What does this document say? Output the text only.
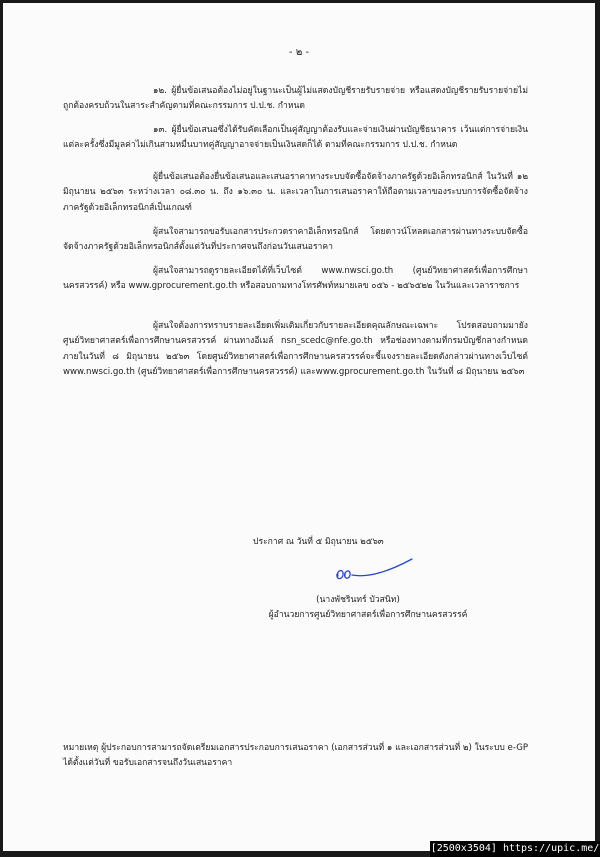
- ๒ -

๑๒. ผู้ยื่นข้อเสนอต้องไม่อยู่ในฐานะเป็นผู้ไม่แสดงบัญชีรายรับรายจ่าย หรือแสดงบัญชีรายรับรายจ่ายไม่ถูกต้องครบถ้วนในสาระสำคัญตามที่คณะกรรมการ ป.ป.ช. กำหนด

๑๓. ผู้ยื่นข้อเสนอซึ่งได้รับคัดเลือกเป็นคู่สัญญาต้องรับและจ่ายเงินผ่านบัญชีธนาคาร เว้นแต่การจ่ายเงินแต่ละครั้งซึ่งมีมูลค่าไม่เกินสามหมื่นบาทคู่สัญญาอาจจ่ายเป็นเงินสดก็ได้ ตามที่คณะกรรมการ ป.ป.ช. กำหนด

ผู้ยื่นข้อเสนอต้องยื่นข้อเสนอและเสนอราคาทางระบบจัดซื้อจัดจ้างภาครัฐด้วยอิเล็กทรอนิกส์ ในวันที่ ๑๒ มิถุนายน ๒๕๖๓ ระหว่างเวลา ๐๘.๓๐ น. ถึง ๑๖.๓๐ น. และเวลาในการเสนอราคาให้ถือตามเวลาของระบบการจัดซื้อจัดจ้างภาครัฐด้วยอิเล็กทรอนิกส์เป็นเกณฑ์

ผู้สนใจสามารถขอรับเอกสารประกวดราคาอิเล็กทรอนิกส์ โดยดาวน์โหลดเอกสารผ่านทางระบบจัดซื้อจัดจ้างภาครัฐด้วยอิเล็กทรอนิกส์ตั้งแต่วันที่ประกาศจนถึงก่อนวันเสนอราคา

ผู้สนใจสามารถดูรายละเอียดได้ที่เว็บไซต์ www.nwsci.go.th (ศูนย์วิทยาศาสตร์เพื่อการศึกษานครสวรรค์) หรือ www.gprocurement.go.th หรือสอบถามทางโทรศัพท์หมายเลข ๐๕๖ - ๒๕๖๕๒๒ ในวันและเวลาราชการ

ผู้สนใจต้องการทราบรายละเอียดเพิ่มเติมเกี่ยวกับรายละเอียดคุณลักษณะเฉพาะ โปรดสอบถามมายังศูนย์วิทยาศาสตร์เพื่อการศึกษานครสวรรค์ ผ่านทางอีเมล์ nsn_scedc@nfe.go.th หรือช่องทางตามที่กรมบัญชีกลางกำหนด ภายในวันที่ ๘ มิถุนายน ๒๕๖๓ โดยศูนย์วิทยาศาสตร์เพื่อการศึกษานครสวรรค์จะชี้แจงรายละเอียดดังกล่าวผ่านทางเว็บไซต์ www.nwsci.go.th (ศูนย์วิทยาศาสตร์เพื่อการศึกษานครสวรรค์) และwww.gprocurement.go.th ในวันที่ ๘ มิถุนายน ๒๕๖๓

ประกาศ ณ วันที่ ๕ มิถุนายน ๒๕๖๓
(นางพัชรินทร์ บัวสนิท)
ผู้อำนวยการศูนย์วิทยาศาสตร์เพื่อการศึกษานครสวรรค์

หมายเหตุ ผู้ประกอบการสามารถจัดเตรียมเอกสารประกอบการเสนอราคา (เอกสารส่วนที่ ๑ และเอกสารส่วนที่ ๒) ในระบบ e-GP ได้ตั้งแต่วันที่ ขอรับเอกสารจนถึงวันเสนอราคา

[2500x3504] https://upic.me/
